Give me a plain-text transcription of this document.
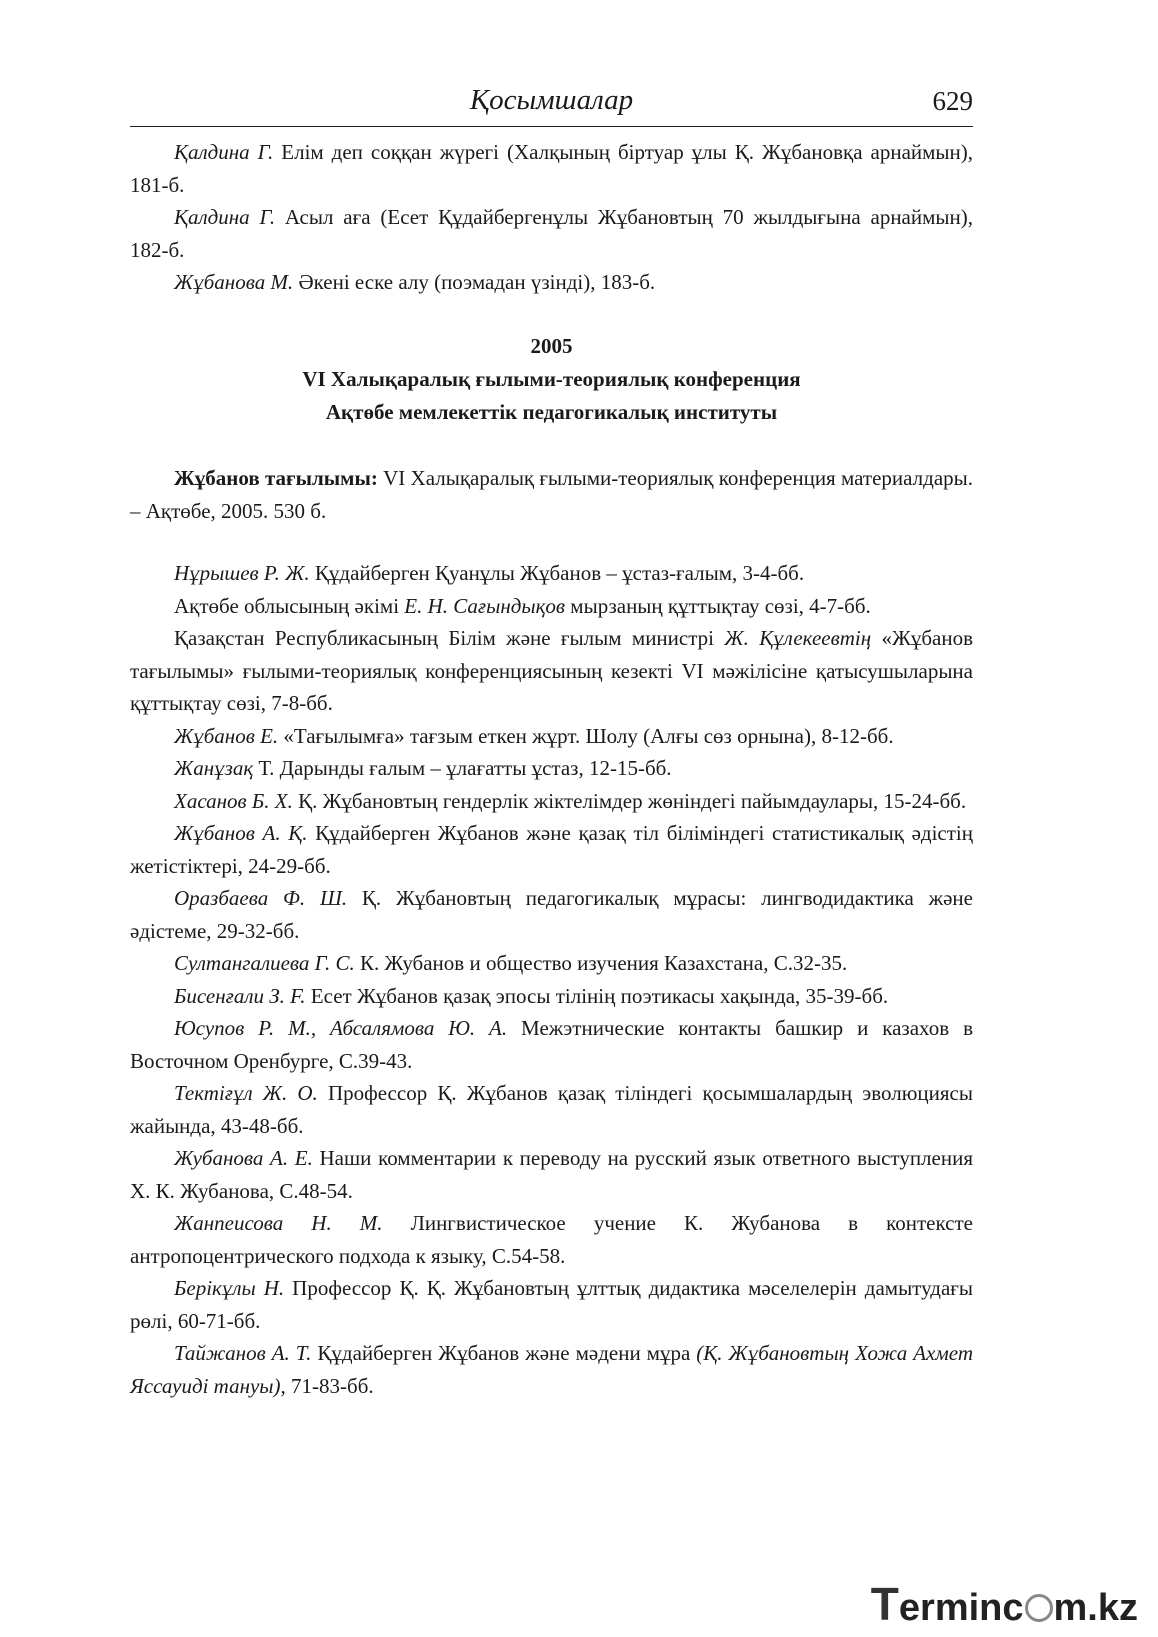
Қосымшалар	629

Қалдина Г. Елім деп соққан жүрегі (Халқының біртуар ұлы Қ. Жұбановқа арнаймын), 181-б.

Қалдина Г. Асыл аға (Есет Құдайбергенұлы Жұбановтың 70 жылдығына арнаймын), 182-б.

Жұбанова М. Әкені еске алу (поэмадан үзінді), 183-б.

2005
VI Халықаралық ғылыми-теориялық конференция
Ақтөбе мемлекеттік педагогикалық институты

Жұбанов тағылымы: VI Халықаралық ғылыми-теориялық конференция материалдары. – Ақтөбе, 2005. 530 б.

Нұрышев Р. Ж. Құдайберген Қуанұлы Жұбанов – ұстаз-ғалым, 3-4-бб.

Ақтөбе облысының әкімі Е. Н. Сағындықов мырзаның құттықтау сөзі, 4-7-бб.

Қазақстан Республикасының Білім және ғылым министрі Ж. Құлекеевтің «Жұбанов тағылымы» ғылыми-теориялық конференциясының кезекті VI мәжілісіне қатысушыларына құттықтау сөзі, 7-8-бб.

Жұбанов Е. «Тағылымға» тағзым еткен жұрт. Шолу (Алғы сөз орнына), 8-12-бб.

Жанұзақ Т. Дарынды ғалым – ұлағатты ұстаз, 12-15-бб.

Хасанов Б. Х. Қ. Жұбановтың гендерлік жіктелімдер жөніндегі пайымдаулары, 15-24-бб.

Жұбанов А. Қ. Құдайберген Жұбанов және қазақ тіл біліміндегі статистикалық әдістің жетістіктері, 24-29-бб.

Оразбаева Ф. Ш. Қ. Жұбановтың педагогикалық мұрасы: лингводидактика және әдістеме, 29-32-бб.

Султангалиева Г. С. К. Жубанов и общество изучения Казахстана, С.32-35.

Бисенғали З. F. Есет Жұбанов қазақ эпосы тілінің поэтикасы хақында, 35-39-бб.

Юсупов Р. М., Абсалямова Ю. А. Межэтнические контакты башкир и казахов в Восточном Оренбурге, С.39-43.

Тектіғұл Ж. О. Профессор Қ. Жұбанов қазақ тіліндегі қосымшалардың эволюциясы жайында, 43-48-бб.

Жубанова А. Е. Наши комментарии к переводу на русский язык ответного выступления Х. К. Жубанова, С.48-54.

Жанпеисова Н. М. Лингвистическое учение К. Жубанова в контексте антропоцентрического подхода к языку, С.54-58.

Берікұлы Н. Профессор Қ. Қ. Жұбановтың ұлттық дидактика мәселелерін дамытудағы рөлі, 60-71-бб.

Тайжанов А. Т. Құдайберген Жұбанов және мәдени мұра (Қ. Жұбановтың Хожа Ахмет Яссауиді тануы), 71-83-бб.

Terminc m.kz
